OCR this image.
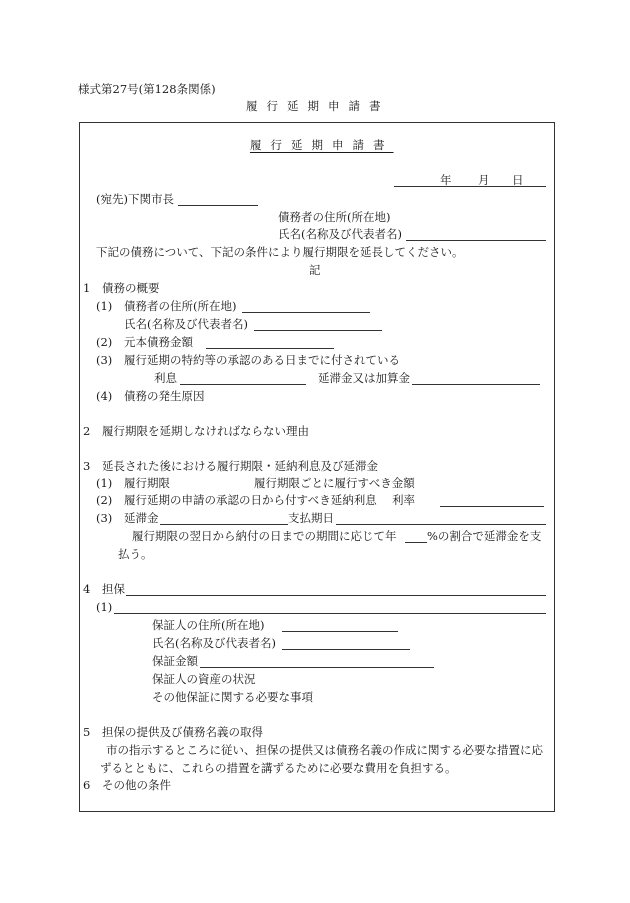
様式第27号(第128条関係)
履行延期申請書
履行延期申請書
年 月 日
(宛先)下関市長
債務者の住所(所在地)
氏名(名称及び代表者名)
下記の債務について、下記の条件により履行期限を延長してください。
記
1 債務の概要
(1) 債務者の住所(所在地)
氏名(名称及び代表者名)
(2) 元本債務金額
(3) 履行延期の特約等の承認のある日までに付されている
利息	延滞金又は加算金
(4) 債務の発生原因
2 履行期限を延期しなければならない理由
3 延長された後における履行期限・延納利息及び延滞金
(1) 履行期限	履行期限ごとに履行すべき金額
(2) 履行延期の申請の承認の日から付すべき延納利息 利率
(3) 延滞金	支払期日
履行期限の翌日から納付の日までの期間に応じて年	%の割合で延滞金を支
払う。
4 担保
(1)
保証人の住所(所在地)
氏名(名称及び代表者名)
保証金額
保証人の資産の状況
その他保証に関する必要な事項
5 担保の提供及び債務名義の取得
市の指示するところに従い、担保の提供又は債務名義の作成に関する必要な措置に応
ずるとともに、これらの措置を講ずるために必要な費用を負担する。
6 その他の条件
